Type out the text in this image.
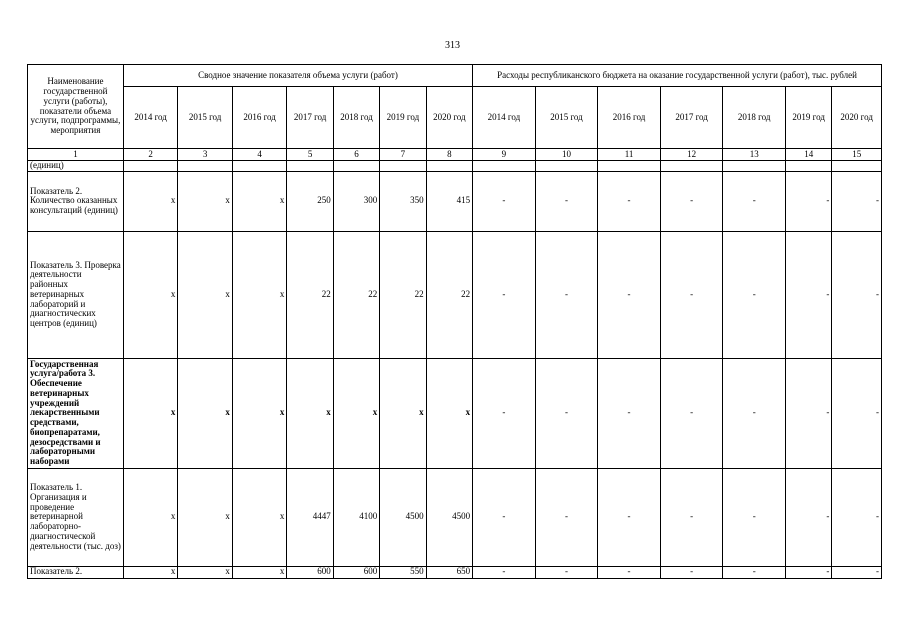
313
Наименование государственной услуги (работы), показатели объема услуги, подпрограммы, мероприятия	Сводное значение показателя объема услуги (работ)							Расходы республиканского бюджета на оказание государственной услуги (работ), тыс. рублей						
	2014 год	2015 год	2016 год	2017 год	2018 год	2019 год	2020 год	2014 год	2015 год	2016 год	2017 год	2018 год	2019 год	2020 год
1	2	3	4	5	6	7	8	9	10	11	12	13	14	15
(единиц)														
Показатель 2. Количество оказанных консультаций (единиц)	x	x	x	250	300	350	415	-	-	-	-	-	-	-
Показатель 3. Проверка деятельности районных ветеринарных лабораторий и диагностических центров (единиц)	x	x	x	22	22	22	22	-	-	-	-	-	-	-
Государственная услуга/работа 3. Обеспечение ветеринарных учреждений лекарственными средствами, биопрепаратами, дезосредствами и лабораторными наборами	x	x	x	x	x	x	x	-	-	-	-	-	-	-
Показатель 1. Организация и проведение ветеринарной лабораторно-диагностической деятельности (тыс. доз)	x	x	x	4447	4100	4500	4500	-	-	-	-	-	-	-
Показатель 2.	x	x	x	600	600	550	650	-	-	-	-	-	-	-
